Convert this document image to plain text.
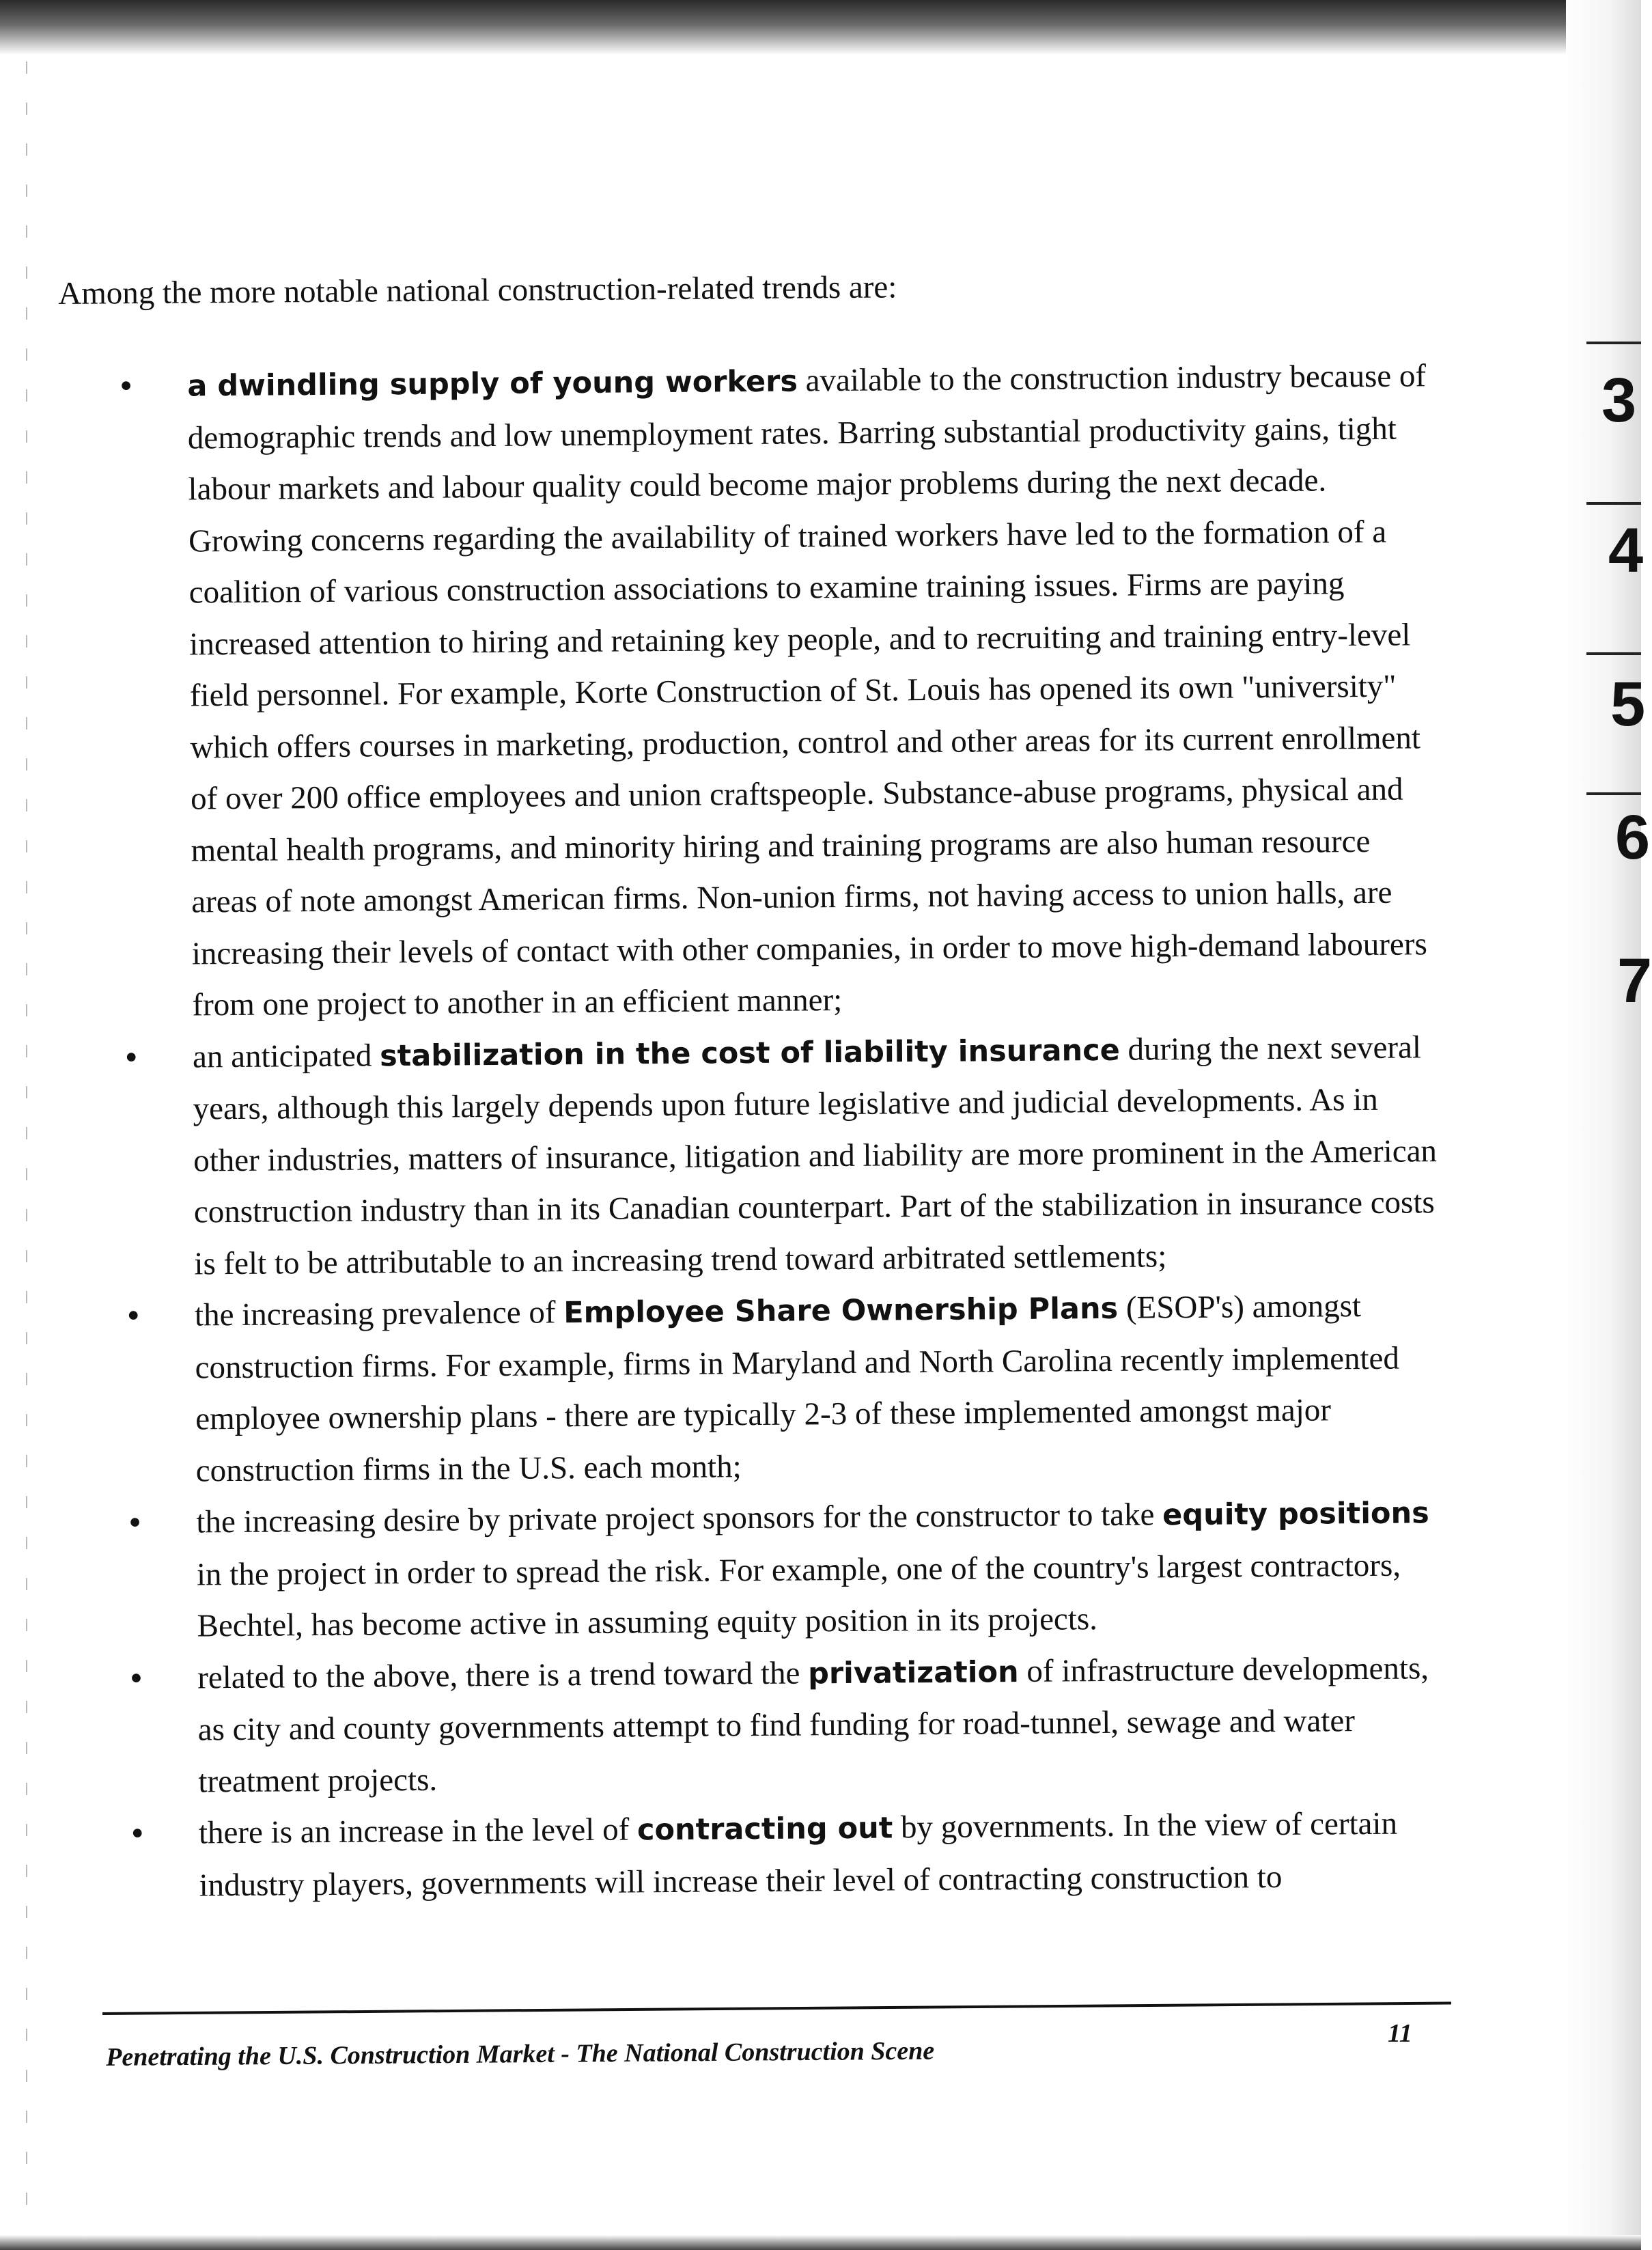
3
4
5
6
7

Among the more notable national construction-related trends are:

• a dwindling supply of young workers available to the construction industry because of demographic trends and low unemployment rates. Barring substantial productivity gains, tight labour markets and labour quality could become major problems during the next decade. Growing concerns regarding the availability of trained workers have led to the formation of a coalition of various construction associations to examine training issues. Firms are paying increased attention to hiring and retaining key people, and to recruiting and training entry-level field personnel. For example, Korte Construction of St. Louis has opened its own "university" which offers courses in marketing, production, control and other areas for its current enrollment of over 200 office employees and union craftspeople. Substance-abuse programs, physical and mental health programs, and minority hiring and training programs are also human resource areas of note amongst American firms. Non-union firms, not having access to union halls, are increasing their levels of contact with other companies, in order to move high-demand labourers from one project to another in an efficient manner;
• an anticipated stabilization in the cost of liability insurance during the next several years, although this largely depends upon future legislative and judicial developments. As in other industries, matters of insurance, litigation and liability are more prominent in the American construction industry than in its Canadian counterpart. Part of the stabilization in insurance costs is felt to be attributable to an increasing trend toward arbitrated settlements;
• the increasing prevalence of Employee Share Ownership Plans (ESOP's) amongst construction firms. For example, firms in Maryland and North Carolina recently implemented employee ownership plans - there are typically 2-3 of these implemented amongst major construction firms in the U.S. each month;
• the increasing desire by private project sponsors for the constructor to take equity positions in the project in order to spread the risk. For example, one of the country's largest contractors, Bechtel, has become active in assuming equity position in its projects.
• related to the above, there is a trend toward the privatization of infrastructure developments, as city and county governments attempt to find funding for road-tunnel, sewage and water treatment projects.
• there is an increase in the level of contracting out by governments. In the view of certain industry players, governments will increase their level of contracting construction to
Penetrating the U.S. Construction Market - The National Construction Scene
11
